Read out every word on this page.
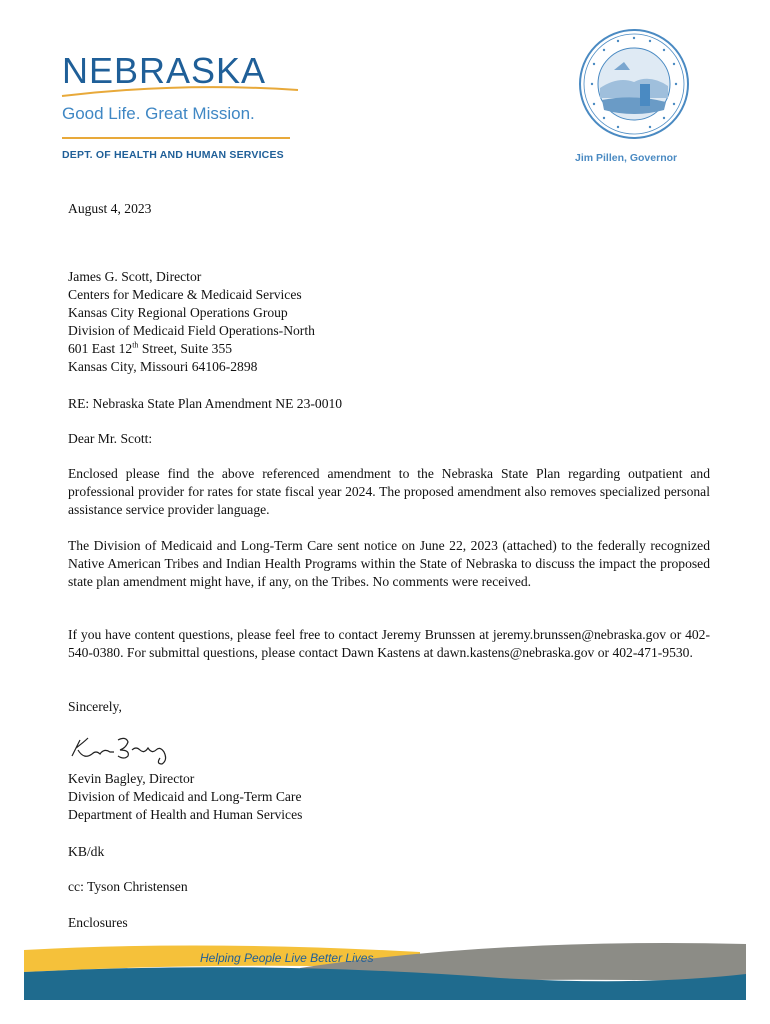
NEBRASKA
Good Life. Great Mission.
DEPT. OF HEALTH AND HUMAN SERVICES	Jim Pillen, Governor
August 4, 2023
James G. Scott, Director
Centers for Medicare & Medicaid Services
Kansas City Regional Operations Group
Division of Medicaid Field Operations-North
601 East 12th Street, Suite 355
Kansas City, Missouri 64106-2898
RE: Nebraska State Plan Amendment NE 23-0010
Dear Mr. Scott:
Enclosed please find the above referenced amendment to the Nebraska State Plan regarding outpatient and professional provider for rates for state fiscal year 2024. The proposed amendment also removes specialized personal assistance service provider language.
The Division of Medicaid and Long-Term Care sent notice on June 22, 2023 (attached) to the federally recognized Native American Tribes and Indian Health Programs within the State of Nebraska to discuss the impact the proposed state plan amendment might have, if any, on the Tribes. No comments were received.
If you have content questions, please feel free to contact Jeremy Brunssen at jeremy.brunssen@nebraska.gov or 402-540-0380. For submittal questions, please contact Dawn Kastens at dawn.kastens@nebraska.gov or 402-471-9530.
Sincerely,
Kevin Bagley, Director
Division of Medicaid and Long-Term Care
Department of Health and Human Services
KB/dk
cc: Tyson Christensen
Enclosures
Helping People Live Better Lives
